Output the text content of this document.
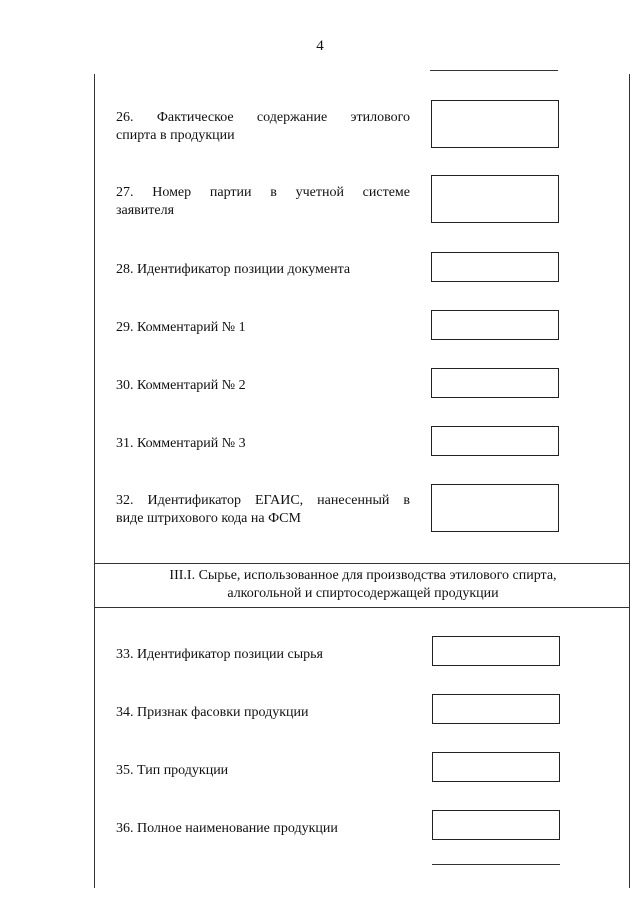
4
26. Фактическое содержание этилового
спирта в продукции
27. Номер партии в учетной системе
заявителя
28. Идентификатор позиции документа
29. Комментарий № 1
30. Комментарий № 2
31. Комментарий № 3
32. Идентификатор ЕГАИС, нанесенный в
виде штрихового кода на ФСМ
III.I. Сырье, использованное для производства этилового спирта,
алкогольной и спиртосодержащей продукции
33. Идентификатор позиции сырья
34. Признак фасовки продукции
35. Тип продукции
36. Полное наименование продукции
